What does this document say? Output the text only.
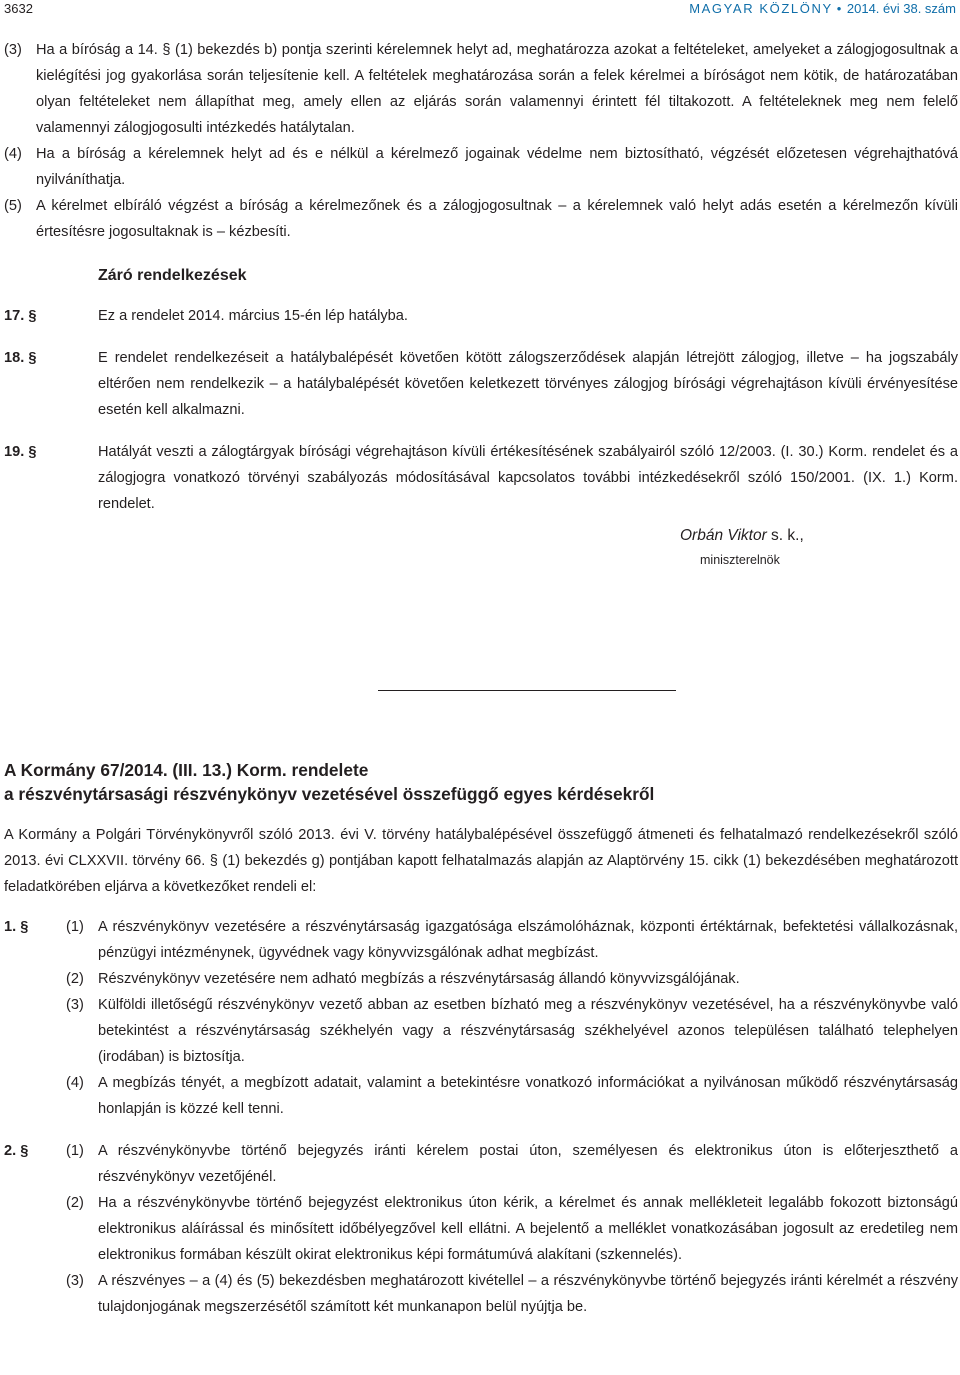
3632	MAGYAR KÖZLÖNY • 2014. évi 38. szám
(3) Ha a bíróság a 14. § (1) bekezdés b) pontja szerinti kérelemnek helyt ad, meghatározza azokat a feltételeket, amelyeket a zálogjogosultnak a kielégítési jog gyakorlása során teljesítenie kell. A feltételek meghatározása során a felek kérelmei a bíróságot nem kötik, de határozatában olyan feltételeket nem állapíthat meg, amely ellen az eljárás során valamennyi érintett fél tiltakozott. A feltételeknek meg nem felelő valamennyi zálogjogosulti intézkedés hatálytalan.
(4) Ha a bíróság a kérelemnek helyt ad és e nélkül a kérelmező jogainak védelme nem biztosítható, végzését előzetesen végrehajthatóvá nyilváníthatja.
(5) A kérelmet elbíráló végzést a bíróság a kérelmezőnek és a zálogjogosultnak – a kérelemnek való helyt adás esetén a kérelmezőn kívüli értesítésre jogosultaknak is – kézbesíti.
Záró rendelkezések
17. §	Ez a rendelet 2014. március 15-én lép hatályba.
18. §	E rendelet rendelkezéseit a hatálybalépését követően kötött zálogszerződések alapján létrejött zálogjog, illetve – ha jogszabály eltérően nem rendelkezik – a hatálybalépését követően keletkezett törvényes zálogjog bírósági végrehajtáson kívüli érvényesítése esetén kell alkalmazni.
19. §	Hatályát veszti a zálogtárgyak bírósági végrehajtáson kívüli értékesítésének szabályairól szóló 12/2003. (I. 30.) Korm. rendelet és a zálogjogra vonatkozó törvényi szabályozás módosításával kapcsolatos további intézkedésekről szóló 150/2001. (IX. 1.) Korm. rendelet.
Orbán Viktor s. k.,
miniszterelnök
A Kormány 67/2014. (III. 13.) Korm. rendelete
a részvénytársasági részvénykönyv vezetésével összefüggő egyes kérdésekről

A Kormány a Polgári Törvénykönyvről szóló 2013. évi V. törvény hatálybalépésével összefüggő átmeneti és felhatalmazó rendelkezésekről szóló 2013. évi CLXXVII. törvény 66. § (1) bekezdés g) pontjában kapott felhatalmazás alapján az Alaptörvény 15. cikk (1) bekezdésében meghatározott feladatkörében eljárva a következőket rendeli el:

1. §	(1) A részvénykönyv vezetésére a részvénytársaság igazgatósága elszámolóháznak, központi értéktárnak, befektetési vállalkozásnak, pénzügyi intézménynek, ügyvédnek vagy könyvvizsgálónak adhat megbízást.
(2) Részvénykönyv vezetésére nem adható megbízás a részvénytársaság állandó könyvvizsgálójának.
(3) Külföldi illetőségű részvénykönyv vezető abban az esetben bízható meg a részvénykönyv vezetésével, ha a részvénykönyvbe való betekintést a részvénytársaság székhelyén vagy a részvénytársaság székhelyével azonos településen található telephelyen (irodában) is biztosítja.
(4) A megbízás tényét, a megbízott adatait, valamint a betekintésre vonatkozó információkat a nyilvánosan működő részvénytársaság honlapján is közzé kell tenni.
2. §	(1) A részvénykönyvbe történő bejegyzés iránti kérelem postai úton, személyesen és elektronikus úton is előterjeszthető a részvénykönyv vezetőjénél.
(2) Ha a részvénykönyvbe történő bejegyzést elektronikus úton kérik, a kérelmet és annak mellékleteit legalább fokozott biztonságú elektronikus aláírással és minősített időbélyegzővel kell ellátni. A bejelentő a melléklet vonatkozásában jogosult az eredetileg nem elektronikus formában készült okirat elektronikus képi formátumúvá alakítani (szkennelés).
(3) A részvényes – a (4) és (5) bekezdésben meghatározott kivétellel – a részvénykönyvbe történő bejegyzés iránti kérelmét a részvény tulajdonjogának megszerzésétől számított két munkanapon belül nyújtja be.
